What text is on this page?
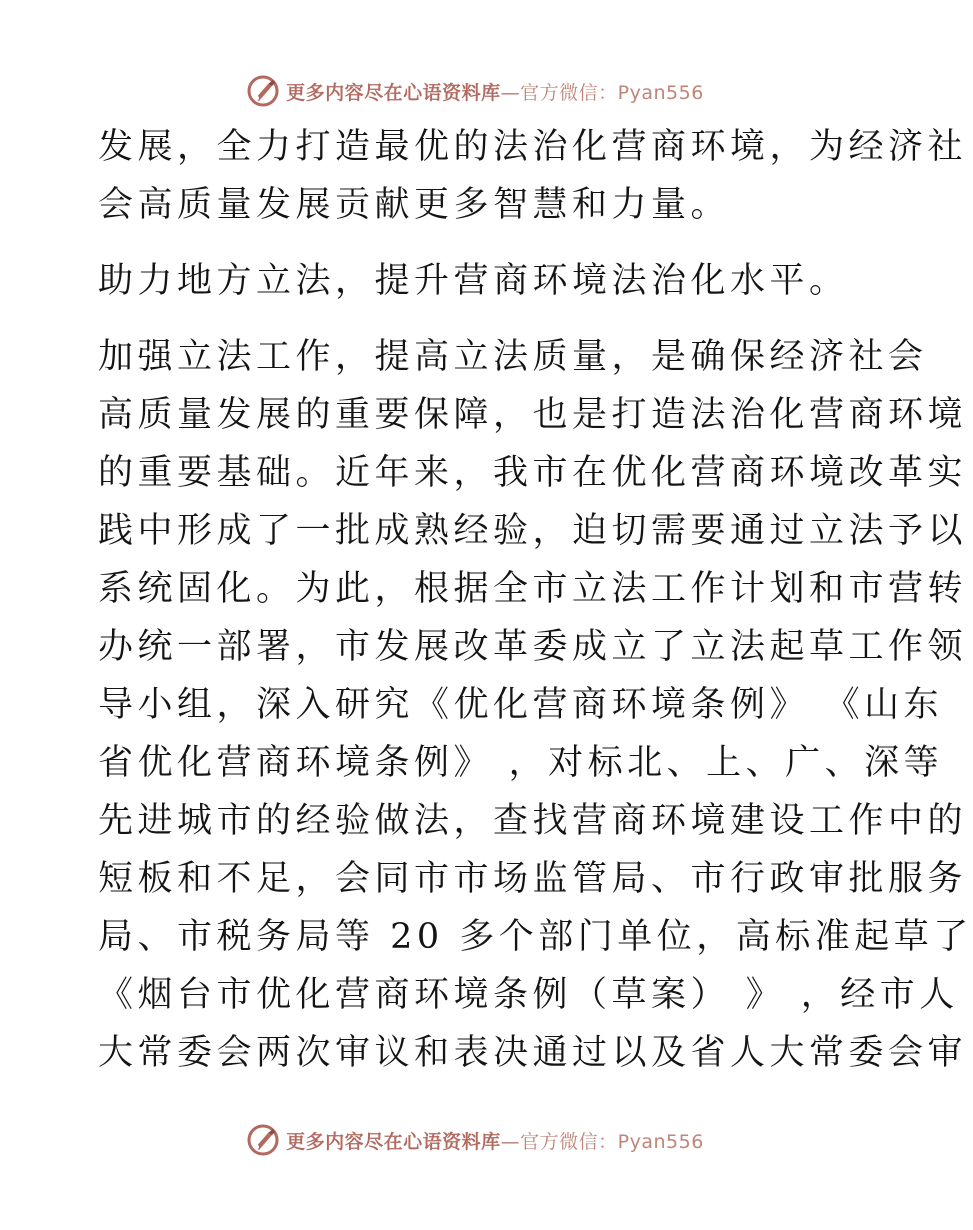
更多内容尽在心语资料库—官方微信：Pyan556

发展，全力打造最优的法治化营商环境，为经济社
会高质量发展贡献更多智慧和力量。

助力地方立法，提升营商环境法治化水平。

加强立法工作，提高立法质量，是确保经济社会
高质量发展的重要保障，也是打造法治化营商环境
的重要基础。近年来，我市在优化营商环境改革实
践中形成了一批成熟经验，迫切需要通过立法予以
系统固化。为此，根据全市立法工作计划和市营转
办统一部署，市发展改革委成立了立法起草工作领
导小组，深入研究《优化营商环境条例》 《山东
省优化营商环境条例》 ，对标北、上、广、深等
先进城市的经验做法，查找营商环境建设工作中的
短板和不足，会同市市场监管局、市行政审批服务
局、市税务局等 20 多个部门单位，高标准起草了
《烟台市优化营商环境条例（草案） 》 ，经市人
大常委会两次审议和表决通过以及省人大常委会审

更多内容尽在心语资料库—官方微信：Pyan556
